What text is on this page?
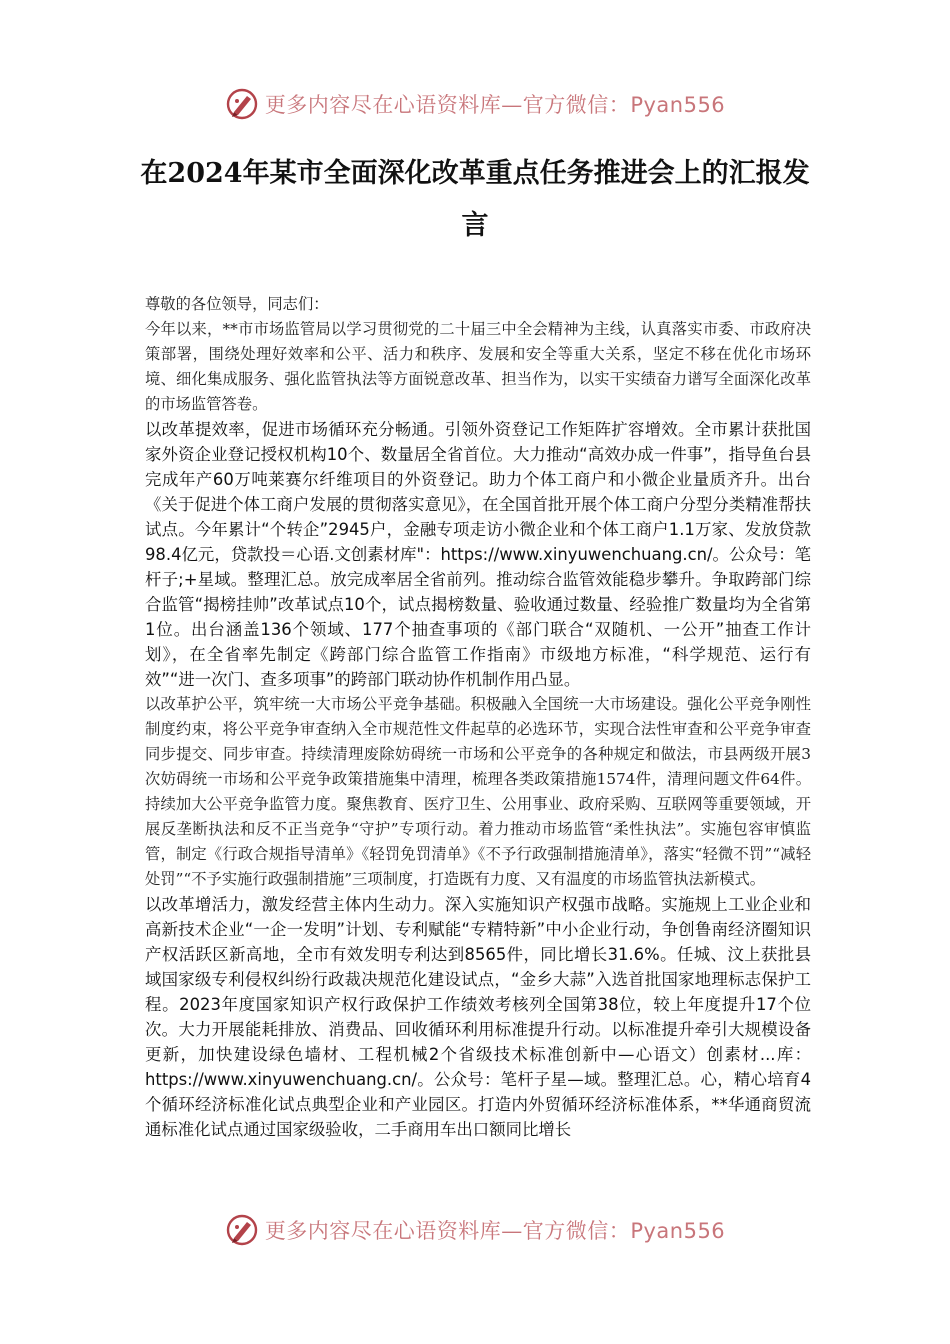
更多内容尽在心语资料库—官方微信：Pyan556
在2024年某市全面深化改革重点任务推进会上的汇报发言

尊敬的各位领导，同志们：

今年以来，**市市场监管局以学习贯彻党的二十届三中全会精神为主线，认真落实市委、市政府决策部署，围绕处理好效率和公平、活力和秩序、发展和安全等重大关系，坚定不移在优化市场环境、细化集成服务、强化监管执法等方面锐意改革、担当作为，以实干实绩奋力谱写全面深化改革的市场监管答卷。

以改革提效率，促进市场循环充分畅通。引领外资登记工作矩阵扩容增效。全市累计获批国家外资企业登记授权机构10个、数量居全省首位。大力推动“高效办成一件事”，指导鱼台县完成年产60万吨莱赛尔纤维项目的外资登记。助力个体工商户和小微企业量质齐升。出台《关于促进个体工商户发展的贯彻落实意见》，在全国首批开展个体工商户分型分类精准帮扶试点。今年累计“个转企”2945户，金融专项走访小微企业和个体工商户1.1万家、发放贷款98.4亿元，贷款投＝心语.文创素材库"：https://www.xinyuwenchuang.cn/。公众号：笔杆子;+星域。整理汇总。放完成率居全省前列。推动综合监管效能稳步攀升。争取跨部门综合监管“揭榜挂帅”改革试点10个，试点揭榜数量、验收通过数量、经验推广数量均为全省第1位。出台涵盖136个领域、177个抽查事项的《部门联合“双随机、一公开”抽查工作计划》，在全省率先制定《跨部门综合监管工作指南》市级地方标准，“科学规范、运行有效”“进一次门、查多项事”的跨部门联动协作机制作用凸显。

以改革护公平，筑牢统一大市场公平竞争基础。积极融入全国统一大市场建设。强化公平竞争刚性制度约束，将公平竞争审查纳入全市规范性文件起草的必选环节，实现合法性审查和公平竞争审查同步提交、同步审查。持续清理废除妨碍统一市场和公平竞争的各种规定和做法，市县两级开展3次妨碍统一市场和公平竞争政策措施集中清理，梳理各类政策措施1574件，清理问题文件64件。持续加大公平竞争监管力度。聚焦教育、医疗卫生、公用事业、政府采购、互联网等重要领域，开展反垄断执法和反不正当竞争“守护”专项行动。着力推动市场监管“柔性执法”。实施包容审慎监管，制定《行政合规指导清单》《轻罚免罚清单》《不予行政强制措施清单》，落实“轻微不罚”“减轻处罚”“不予实施行政强制措施”三项制度，打造既有力度、又有温度的市场监管执法新模式。

以改革增活力，激发经营主体内生动力。深入实施知识产权强市战略。实施规上工业企业和高新技术企业“一企一发明”计划、专利赋能“专精特新”中小企业行动，争创鲁南经济圈知识产权活跃区新高地，全市有效发明专利达到8565件，同比增长31.6%。任城、汶上获批县域国家级专利侵权纠纷行政裁决规范化建设试点，“金乡大蒜”入选首批国家地理标志保护工程。2023年度国家知识产权行政保护工作绩效考核列全国第38位，较上年度提升17个位次。大力开展能耗排放、消费品、回收循环利用标准提升行动。以标准提升牵引大规模设备更新，加快建设绿色墙材、工程机械2个省级技术标准创新中—心语文）创素材...库：https://www.xinyuwenchuang.cn/。公众号：笔杆子星—域。整理汇总。心，精心培育4个循环经济标准化试点典型企业和产业园区。打造内外贸循环经济标准体系，**华通商贸流通标准化试点通过国家级验收，二手商用车出口额同比增长

更多内容尽在心语资料库—官方微信：Pyan556
